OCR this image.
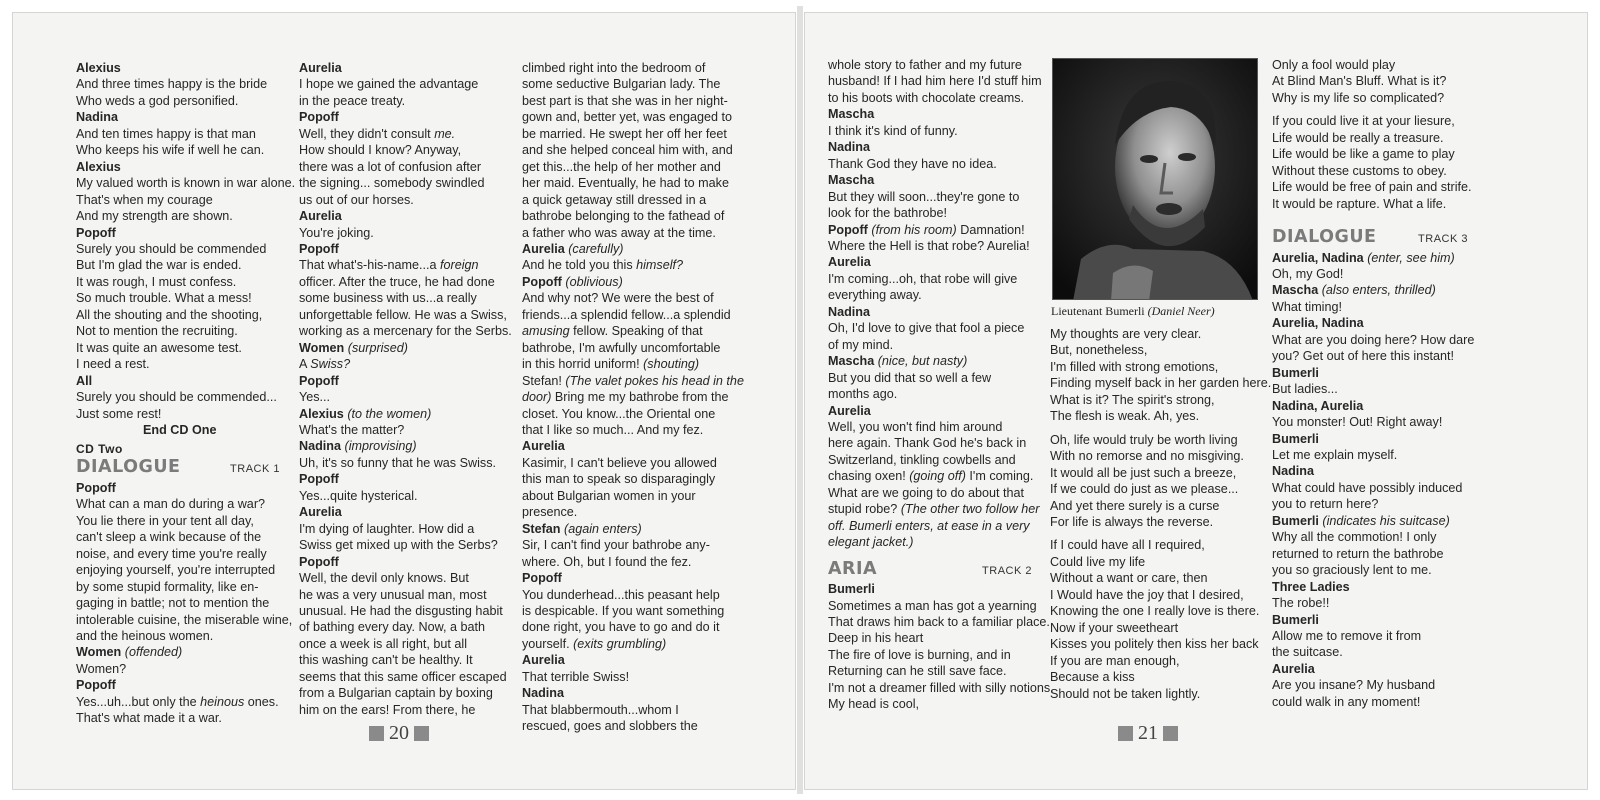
Alexius
And three times happy is the bride
Who weds a god personified.
Nadina
And ten times happy is that man
Who keeps his wife if well he can.
Alexius
My valued worth is known in war alone.
That's when my courage
And my strength are shown.
Popoff
Surely you should be commended
But I'm glad the war is ended.
It was rough, I must confess.
So much trouble. What a mess!
All the shouting and the shooting,
Not to mention the recruiting.
It was quite an awesome test.
I need a rest.
All
Surely you should be commended...
Just some rest!
End CD One
CD Two
DIALOGUE	TRACK 1
Popoff
What can a man do during a war?
You lie there in your tent all day,
can't sleep a wink because of the
noise, and every time you're really
enjoying yourself, you're interrupted
by some stupid formality, like en-
gaging in battle; not to mention the
intolerable cuisine, the miserable wine,
and the heinous women.
Women (offended)
Women?
Popoff
Yes...uh...but only the heinous ones.
That's what made it a war.
Aurelia
I hope we gained the advantage
in the peace treaty.
Popoff
Well, they didn't consult me.
How should I know? Anyway,
there was a lot of confusion after
the signing... somebody swindled
us out of our horses.
Aurelia
You're joking.
Popoff
That what's-his-name...a foreign
officer. After the truce, he had done
some business with us...a really
unforgettable fellow. He was a Swiss,
working as a mercenary for the Serbs.
Women (surprised)
A Swiss?
Popoff
Yes...
Alexius (to the women)
What's the matter?
Nadina (improvising)
Uh, it's so funny that he was Swiss.
Popoff
Yes...quite hysterical.
Aurelia
I'm dying of laughter. How did a
Swiss get mixed up with the Serbs?
Popoff
Well, the devil only knows. But
he was a very unusual man, most
unusual. He had the disgusting habit
of bathing every day. Now, a bath
once a week is all right, but all
this washing can't be healthy. It
seems that this same officer escaped
from a Bulgarian captain by boxing
him on the ears! From there, he
climbed right into the bedroom of
some seductive Bulgarian lady. The
best part is that she was in her night-
gown and, better yet, was engaged to
be married. He swept her off her feet
and she helped conceal him with, and
get this...the help of her mother and
her maid. Eventually, he had to make
a quick getaway still dressed in a
bathrobe belonging to the fathead of
a father who was away at the time.
Aurelia (carefully)
And he told you this himself?
Popoff (oblivious)
And why not? We were the best of
friends...a splendid fellow...a splendid
amusing fellow. Speaking of that
bathrobe, I'm awfully uncomfortable
in this horrid uniform! (shouting)
Stefan! (The valet pokes his head in the
door) Bring me my bathrobe from the
closet. You know...the Oriental one
that I like so much... And my fez.
Aurelia
Kasimir, I can't believe you allowed
this man to speak so disparagingly
about Bulgarian women in your
presence.
Stefan (again enters)
Sir, I can't find your bathrobe any-
where. Oh, but I found the fez.
Popoff
You dunderhead...this peasant help
is despicable. If you want something
done right, you have to go and do it
yourself. (exits grumbling)
Aurelia
That terrible Swiss!
Nadina
That blabbermouth...whom I
rescued, goes and slobbers the
20
whole story to father and my future
husband! If I had him here I'd stuff him
to his boots with chocolate creams.
Mascha
I think it's kind of funny.
Nadina
Thank God they have no idea.
Mascha
But they will soon...they're gone to
look for the bathrobe!
Popoff (from his room) Damnation!
Where the Hell is that robe? Aurelia!
Aurelia
I'm coming...oh, that robe will give
everything away.
Nadina
Oh, I'd love to give that fool a piece
of my mind.
Mascha (nice, but nasty)
But you did that so well a few
months ago.
Aurelia
Well, you won't find him around
here again. Thank God he's back in
Switzerland, tinkling cowbells and
chasing oxen! (going off) I'm coming.
What are we going to do about that
stupid robe? (The other two follow her
off. Bumerli enters, at ease in a very
elegant jacket.)
ARIA	TRACK 2
Bumerli
Sometimes a man has got a yearning
That draws him back to a familiar place.
Deep in his heart
The fire of love is burning, and in
Returning can he still save face.
I'm not a dreamer filled with silly notions.
My head is cool,
Lieutenant Bumerli (Daniel Neer)
My thoughts are very clear.
But, nonetheless,
I'm filled with strong emotions,
Finding myself back in her garden here.
What is it? The spirit's strong,
The flesh is weak. Ah, yes.
Oh, life would truly be worth living
With no remorse and no misgiving.
It would all be just such a breeze,
If we could do just as we please...
And yet there surely is a curse
For life is always the reverse.
If I could have all I required,
Could live my life
Without a want or care, then
I Would have the joy that I desired,
Knowing the one I really love is there.
Now if your sweetheart
Kisses you politely then kiss her back
If you are man enough,
Because a kiss
Should not be taken lightly.
Only a fool would play
At Blind Man's Bluff. What is it?
Why is my life so complicated?
If you could live it at your liesure,
Life would be really a treasure.
Life would be like a game to play
Without these customs to obey.
Life would be free of pain and strife.
It would be rapture. What a life.
DIALOGUE	TRACK 3
Aurelia, Nadina (enter, see him)
Oh, my God!
Mascha (also enters, thrilled)
What timing!
Aurelia, Nadina
What are you doing here? How dare
you? Get out of here this instant!
Bumerli
But ladies...
Nadina, Aurelia
You monster! Out! Right away!
Bumerli
Let me explain myself.
Nadina
What could have possibly induced
you to return here?
Bumerli (indicates his suitcase)
Why all the commotion! I only
returned to return the bathrobe
you so graciously lent to me.
Three Ladies
The robe!!
Bumerli
Allow me to remove it from
the suitcase.
Aurelia
Are you insane? My husband
could walk in any moment!
21
